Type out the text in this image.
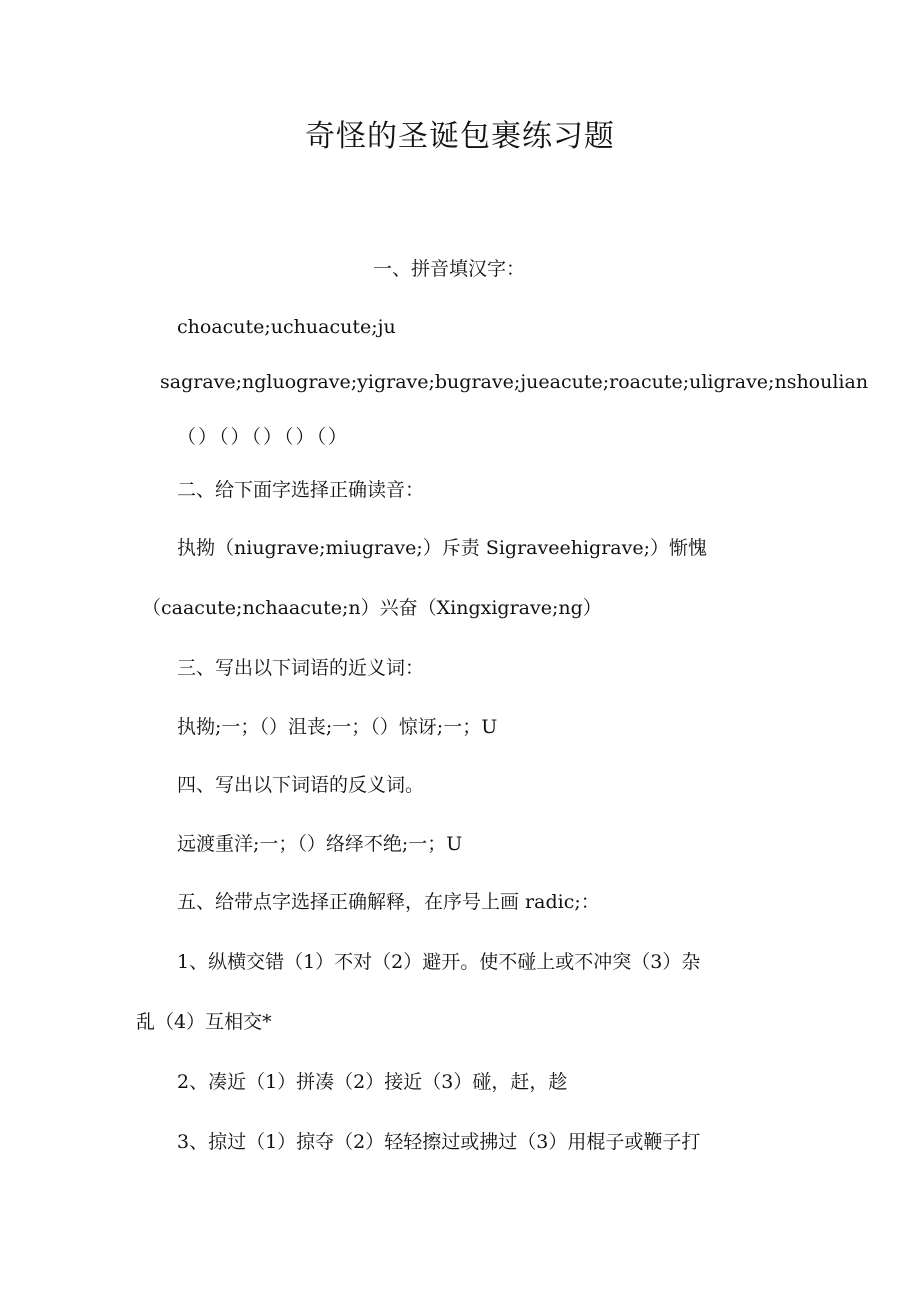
奇怪的圣诞包裹练习题
一、拼音填汉字：
choacute;uchuacute;ju
sagrave;ngluograve;yigrave;bugrave;jueacute;roacute;uligrave;nshoulian
（）（）（）（）（）
二、给下面字选择正确读音：
执拗（niugrave;miugrave;）斥责 Sigraveehigrave;）惭愧
（caacute;nchaacute;n）兴奋（Xingxigrave;ng）
三、写出以下词语的近义词：
执拗;一；（）沮丧;一；（）惊讶;一；U
四、写出以下词语的反义词。
远渡重洋;一；（）络绎不绝;一；U
五、给带点字选择正确解释，在序号上画 radic;：
1、纵横交错（1）不对（2）避开。使不碰上或不冲突（3）杂
乱（4）互相交*
2、凑近（1）拼凑（2）接近（3）碰，赶，趁
3、掠过（1）掠夺（2）轻轻擦过或拂过（3）用棍子或鞭子打
